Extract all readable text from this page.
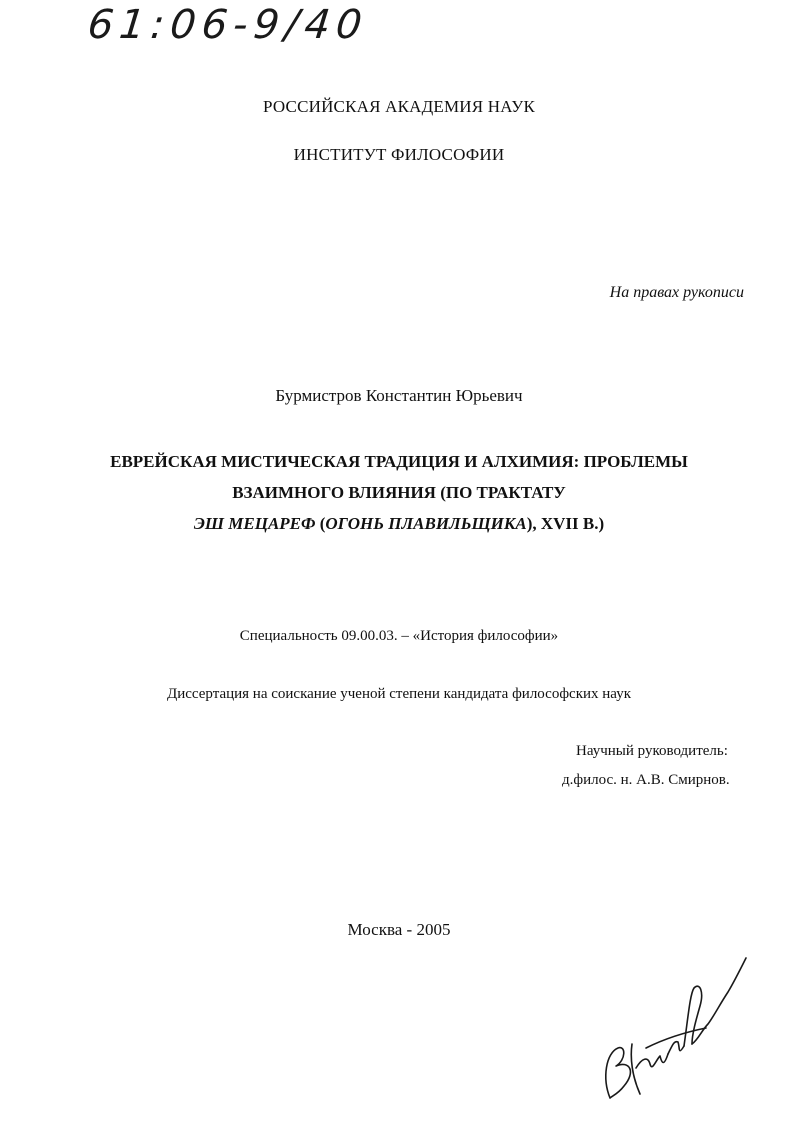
61:06-9/40
РОССИЙСКАЯ АКАДЕМИЯ НАУК
ИНСТИТУТ ФИЛОСОФИИ
На правах рукописи
Бурмистров Константин Юрьевич
ЕВРЕЙСКАЯ МИСТИЧЕСКАЯ ТРАДИЦИЯ И АЛХИМИЯ: ПРОБЛЕМЫ
ВЗАИМНОГО ВЛИЯНИЯ (ПО ТРАКТАТУ
ЭШ МЕЦАРЕФ (ОГОНЬ ПЛАВИЛЬЩИКА), XVII В.)
Специальность 09.00.03. – «История философии»
Диссертация на соискание ученой степени кандидата философских наук
Научный руководитель:
д.филос. н. А.В. Смирнов.
Москва - 2005
